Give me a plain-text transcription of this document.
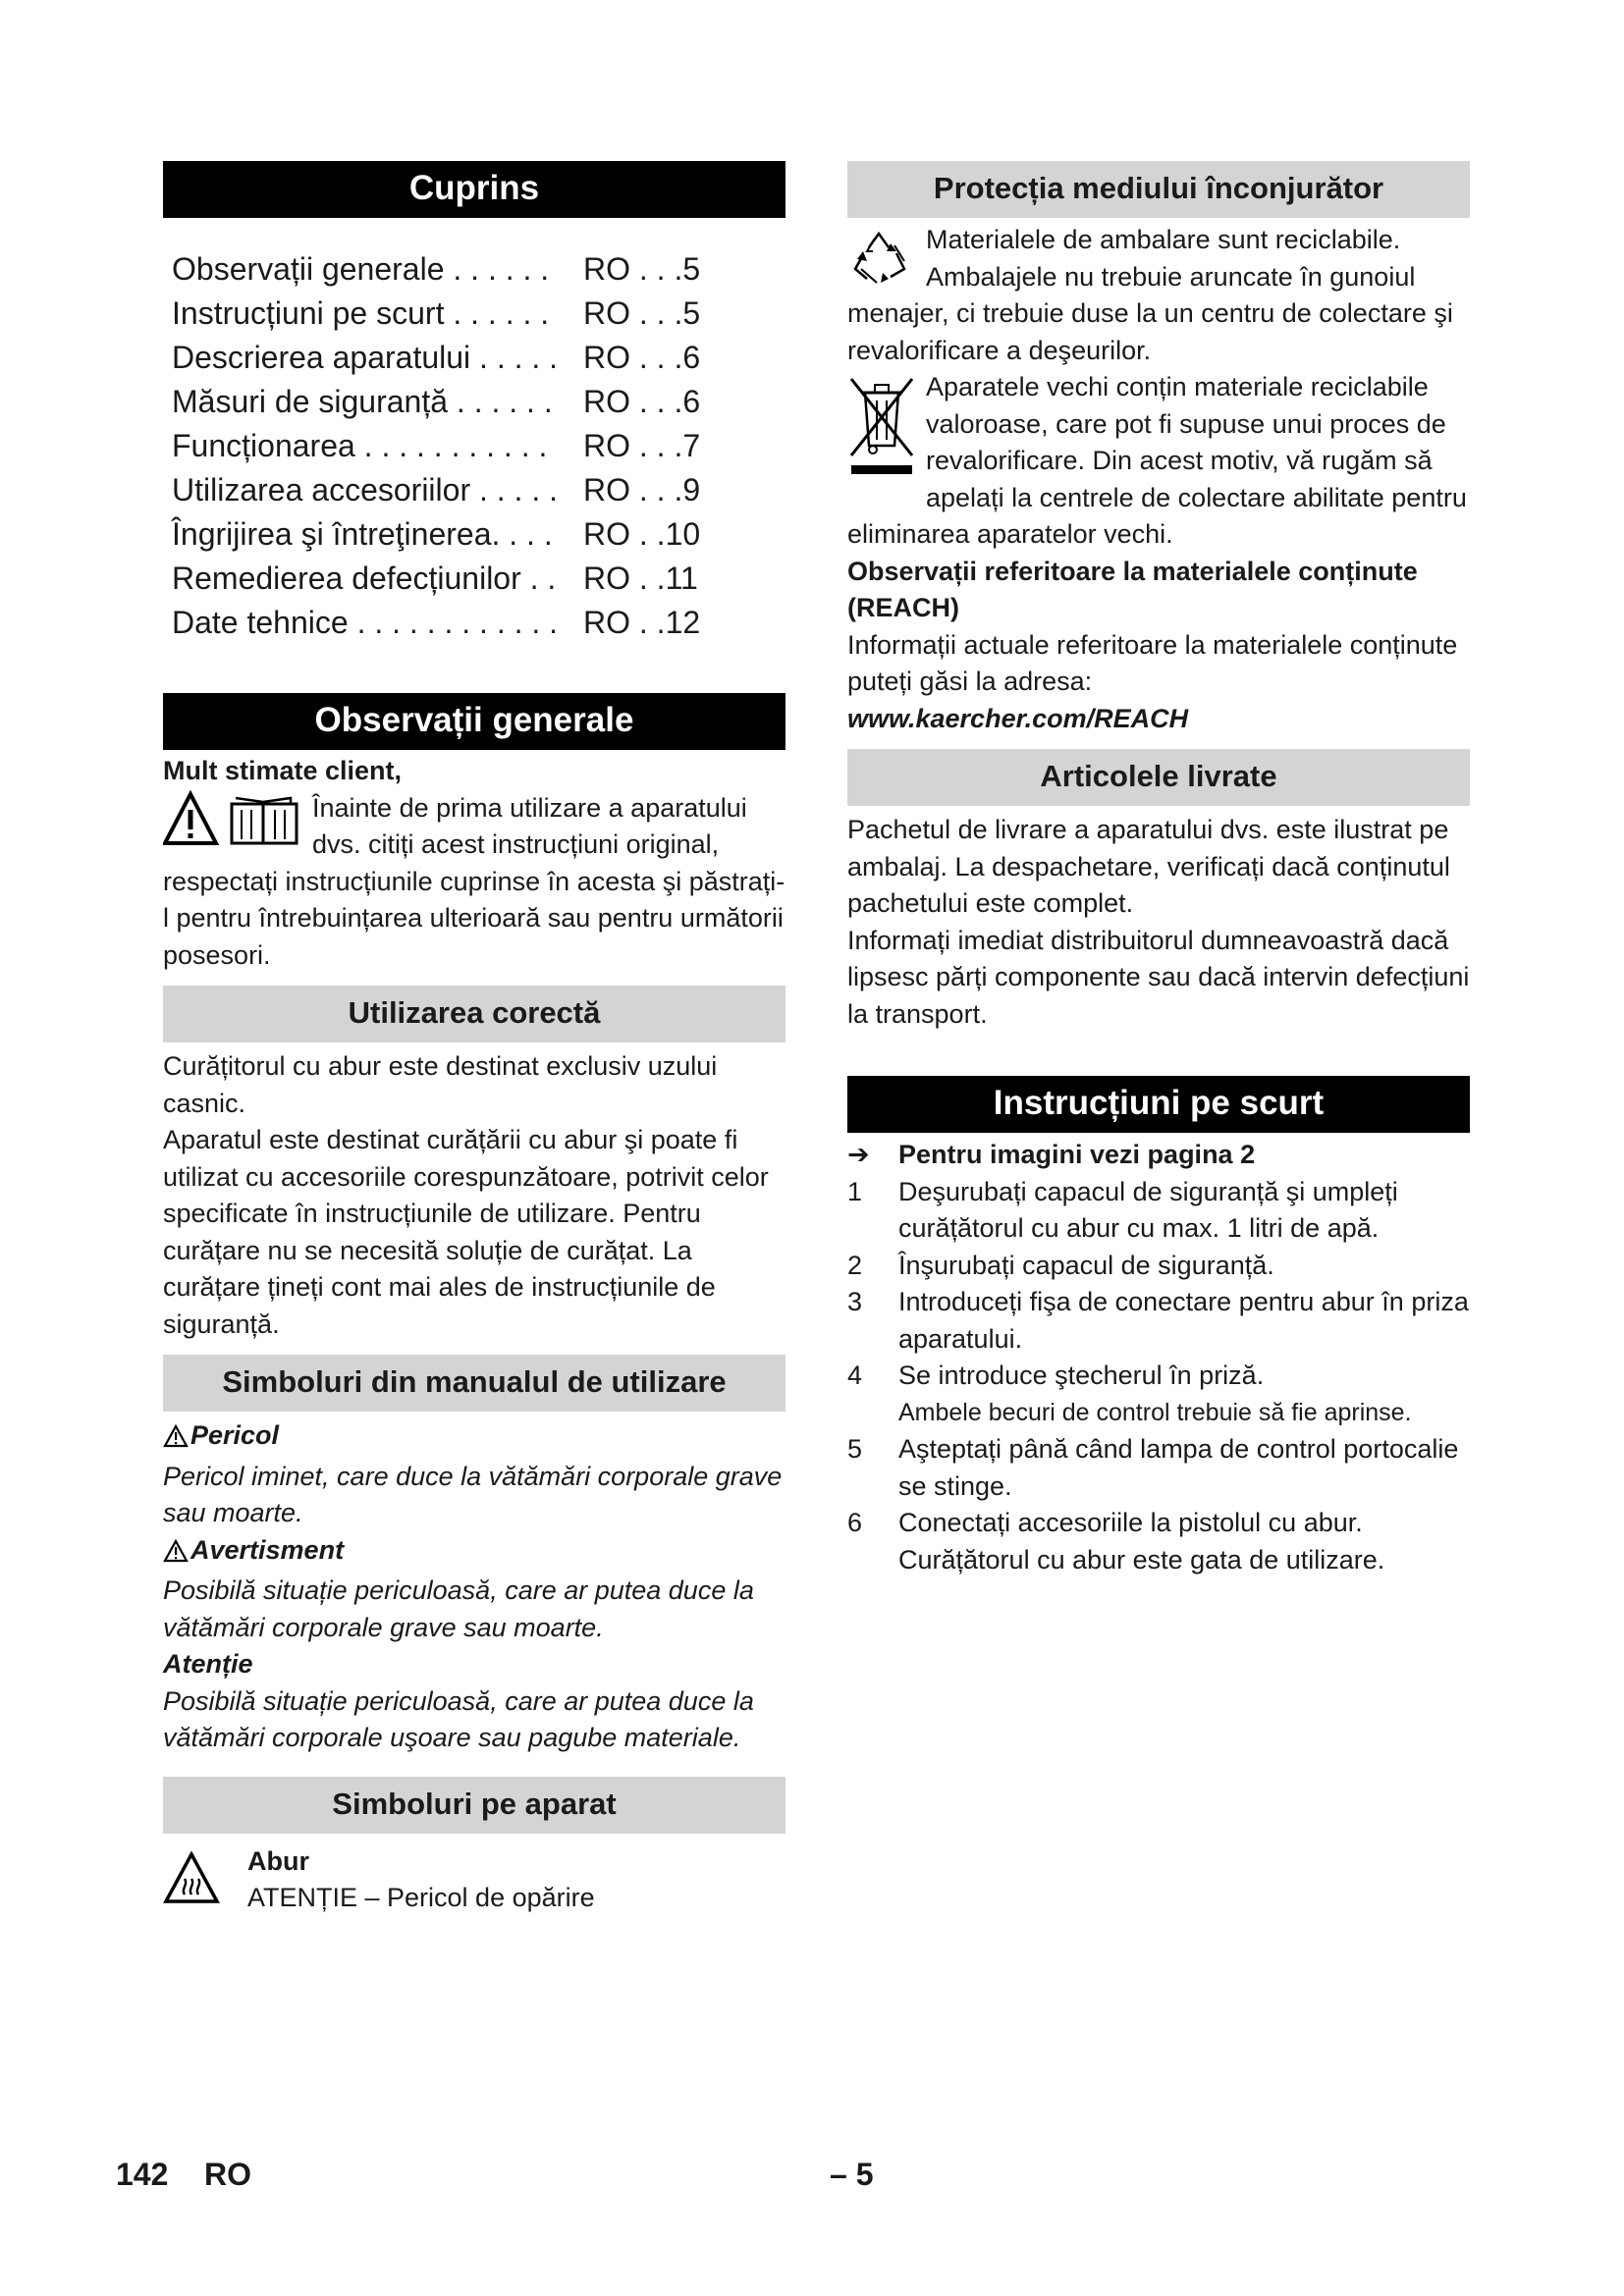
Cuprins
Observații generale . . . . . . RO . . .5
Instrucțiuni pe scurt . . . . . . RO . . .5
Descrierea aparatului . . . . . RO . . .6
Măsuri de siguranță . . . . . . RO . . .6
Funcționarea . . . . . . . . . . . RO . . .7
Utilizarea accesoriilor . . . . . RO . . .9
Îngrijirea şi întreţinerea. . . . RO . .10
Remedierea defecțiunilor . . RO . .11
Date tehnice . . . . . . . . . . . . RO . .12
Observații generale

Mult stimate client,

Înainte de prima utilizare a aparatului dvs. citiți acest instrucțiuni original, respectați instrucțiunile cuprinse în acesta şi păstrați-l pentru întrebuințarea ulterioară sau pentru următorii posesori.

Utilizarea corectă

Curățitorul cu abur este destinat exclusiv uzului casnic.

Aparatul este destinat curățării cu abur şi poate fi utilizat cu accesoriile corespunzătoare, potrivit celor specificate în instrucțiunile de utilizare. Pentru curățare nu se necesită soluție de curățat. La curățare țineți cont mai ales de instrucțiunile de siguranță.

Simboluri din manualul de utilizare
Pericol

Pericol iminet, care duce la vătămări corporale grave sau moarte.

Avertisment

Posibilă situație periculoasă, care ar putea duce la vătămări corporale grave sau moarte.

Atenție

Posibilă situație periculoasă, care ar putea duce la vătămări corporale uşoare sau pagube materiale.

Simboluri pe aparat

Abur

ATENȚIE – Pericol de opărire

Protecția mediului înconjurător

Materialele de ambalare sunt reciclabile. Ambalajele nu trebuie aruncate în gunoiul menajer, ci trebuie duse la un centru de colectare şi revalorificare a deşeurilor.

Aparatele vechi conțin materiale reciclabile valoroase, care pot fi supuse unui proces de revalorificare. Din acest motiv, vă rugăm să apelați la centrele de colectare abilitate pentru eliminarea aparatelor vechi.

Observații referitoare la materialele conținute (REACH)

Informații actuale referitoare la materialele conținute puteți găsi la adresa:

www.kaercher.com/REACH

Articolele livrate

Pachetul de livrare a aparatului dvs. este ilustrat pe ambalaj. La despachetare, verificați dacă conținutul pachetului este complet.

Informați imediat distribuitorul dumneavoastră dacă lipsesc părți componente sau dacă intervin defecțiuni la transport.

Instrucțiuni pe scurt
➔	Pentru imagini vezi pagina 2
1	Deşurubați capacul de siguranță şi umpleți curățătorul cu abur cu max. 1 litri de apă.
2	Înşurubați capacul de siguranță.
3	Introduceți fişa de conectare pentru abur în priza aparatului.
4	Se introduce ştecherul în priză.
Ambele becuri de control trebuie să fie aprinse.
5	Aşteptați până când lampa de control portocalie se stinge.
6	Conectați accesoriile la pistolul cu abur.
Curățătorul cu abur este gata de utilizare.
142 RO	– 5
